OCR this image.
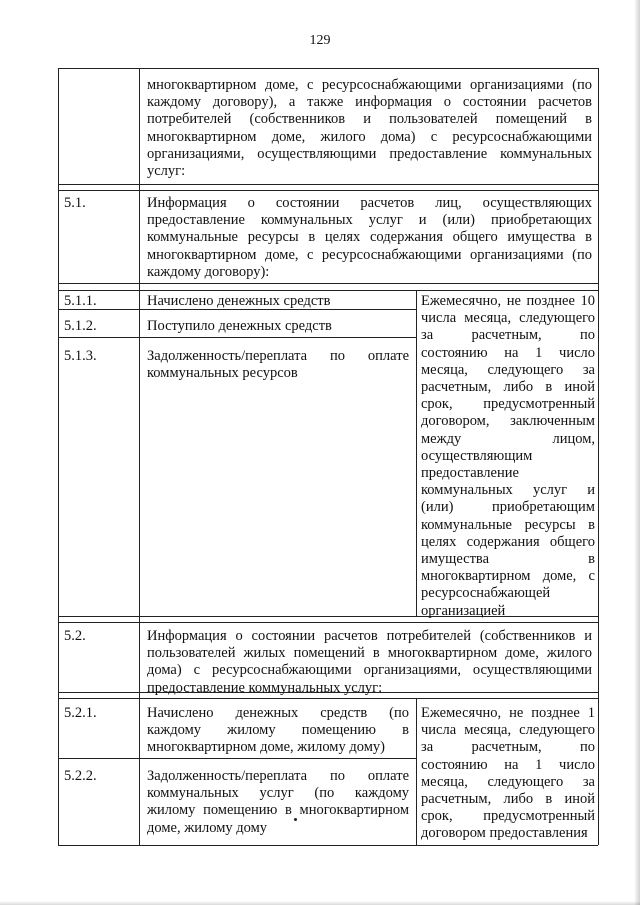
129
многоквартирном доме, с ресурсоснабжающими организациями (по каждому договору), а также информация о состоянии расчетов потребителей (собственников и пользователей помещений в многоквартирном доме, жилого дома) с ресурсоснабжающими организациями, осуществляющими предоставление коммунальных услуг:
5.1.	Информация о состоянии расчетов лиц, осуществляющих предоставление коммунальных услуг и (или) приобретающих коммунальные ресурсы в целях содержания общего имущества в многоквартирном доме, с ресурсоснабжающими организациями (по каждому договору):
5.1.1.	Начислено денежных средств
5.1.2.	Поступило денежных средств
5.1.3.	Задолженность/переплата по оплате коммунальных ресурсов
Ежемесячно, не позднее 10 числа месяца, следующего за расчетным, по состоянию на 1 число месяца, следующего за расчетным, либо в иной срок, предусмотренный договором, заключенным между лицом, осуществляющим предоставление коммунальных услуг и (или) приобретающим коммунальные ресурсы в целях содержания общего имущества в многоквартирном доме, с ресурсоснабжающей организацией
5.2.	Информация о состоянии расчетов потребителей (собственников и пользователей жилых помещений в многоквартирном доме, жилого дома) с ресурсоснабжающими организациями, осуществляющими предоставление коммунальных услуг:
5.2.1.	Начислено денежных средств (по каждому жилому помещению в многоквартирном доме, жилому дому)
5.2.2.	Задолженность/переплата по оплате коммунальных услуг (по каждому жилому помещению в многоквартирном доме, жилому дому
Ежемесячно, не позднее 1 числа месяца, следующего за расчетным, по состоянию на 1 число месяца, следующего за расчетным, либо в иной срок, предусмотренный договором предоставления
